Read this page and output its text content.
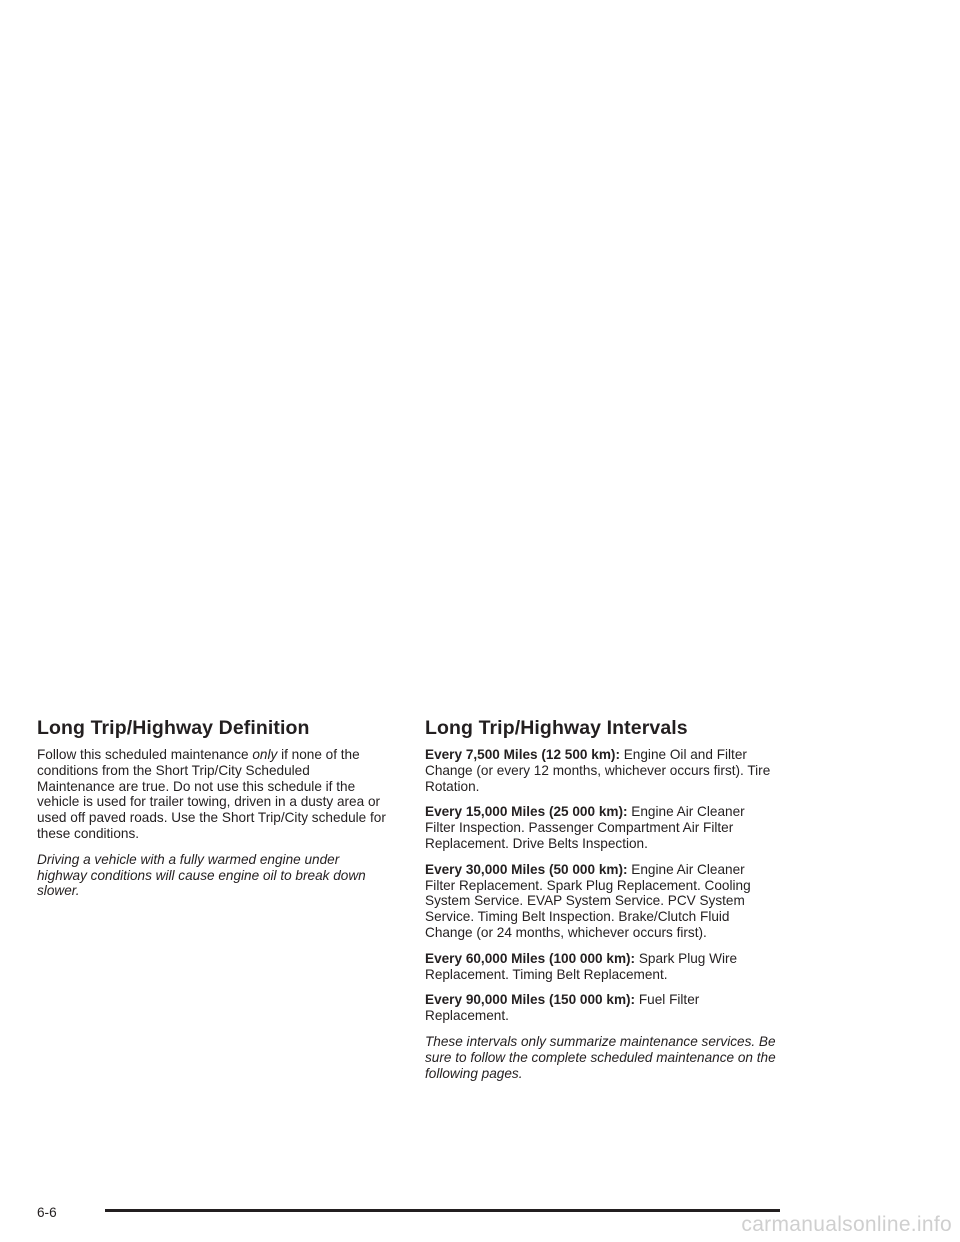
Long Trip/Highway Definition

Follow this scheduled maintenance only if none of the conditions from the Short Trip/City Scheduled Maintenance are true. Do not use this schedule if the vehicle is used for trailer towing, driven in a dusty area or used off paved roads. Use the Short Trip/City schedule for these conditions.

Driving a vehicle with a fully warmed engine under highway conditions will cause engine oil to break down slower.

Long Trip/Highway Intervals

Every 7,500 Miles (12 500 km): Engine Oil and Filter Change (or every 12 months, whichever occurs first). Tire Rotation.

Every 15,000 Miles (25 000 km): Engine Air Cleaner Filter Inspection. Passenger Compartment Air Filter Replacement. Drive Belts Inspection.

Every 30,000 Miles (50 000 km): Engine Air Cleaner Filter Replacement. Spark Plug Replacement. Cooling System Service. EVAP System Service. PCV System Service. Timing Belt Inspection. Brake/Clutch Fluid Change (or 24 months, whichever occurs first).

Every 60,000 Miles (100 000 km): Spark Plug Wire Replacement. Timing Belt Replacement.

Every 90,000 Miles (150 000 km): Fuel Filter Replacement.

These intervals only summarize maintenance services. Be sure to follow the complete scheduled maintenance on the following pages.

6-6
carmanualsonline.info
